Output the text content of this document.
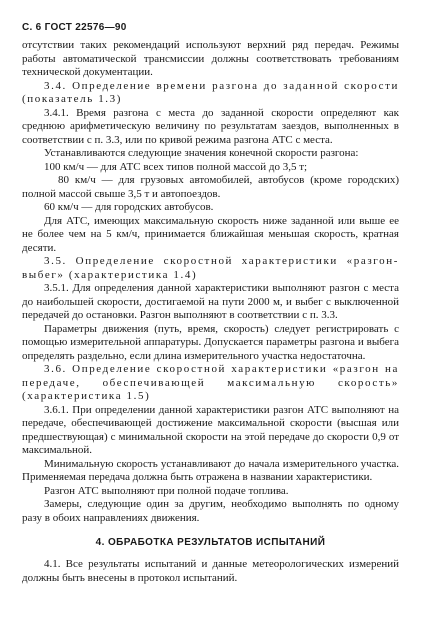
С. 6 ГОСТ 22576—90

отсутствии таких рекомендаций используют верхний ряд передач. Режимы работы автоматической трансмиссии должны соответствовать требованиям технической документации.

3.4. Определение времени разгона до заданной скорости (показатель 1.3)

3.4.1. Время разгона с места до заданной скорости определяют как среднюю арифметическую величину по результатам заездов, выполненных в соответствии с п. 3.3, или по кривой режима разгона АТС с места.

Устанавливаются следующие значения конечной скорости разгона:

100 км/ч — для АТС всех типов полной массой до 3,5 т;

80 км/ч — для грузовых автомобилей, автобусов (кроме городских) полной массой свыше 3,5 т и автопоездов.

60 км/ч — для городских автобусов.

Для АТС, имеющих максимальную скорость ниже заданной или выше ее не более чем на 5 км/ч, принимается ближайшая меньшая скорость, кратная десяти.

3.5. Определение скоростной характеристики «разгон-выбег» (характеристика 1.4)

3.5.1. Для определения данной характеристики выполняют разгон с места до наибольшей скорости, достигаемой на пути 2000 м, и выбег с выключенной передачей до остановки. Разгон выполняют в соответствии с п. 3.3.

Параметры движения (путь, время, скорость) следует регистрировать с помощью измерительной аппаратуры. Допускается параметры разгона и выбега определять раздельно, если длина измерительного участка недостаточна.

3.6. Определение скоростной характеристики «разгон на передаче, обеспечивающей максимальную скорость» (характеристика 1.5)

3.6.1. При определении данной характеристики разгон АТС выполняют на передаче, обеспечивающей достижение максимальной скорости (высшая или предшествующая) с минимальной скорости на этой передаче до скорости 0,9 от максимальной.

Минимальную скорость устанавливают до начала измерительного участка. Применяемая передача должна быть отражена в названии характеристики.

Разгон АТС выполняют при полной подаче топлива.

Замеры, следующие один за другим, необходимо выполнять по одному разу в обоих направлениях движения.

4. ОБРАБОТКА РЕЗУЛЬТАТОВ ИСПЫТАНИЙ

4.1. Все результаты испытаний и данные метеорологических измерений должны быть внесены в протокол испытаний.
